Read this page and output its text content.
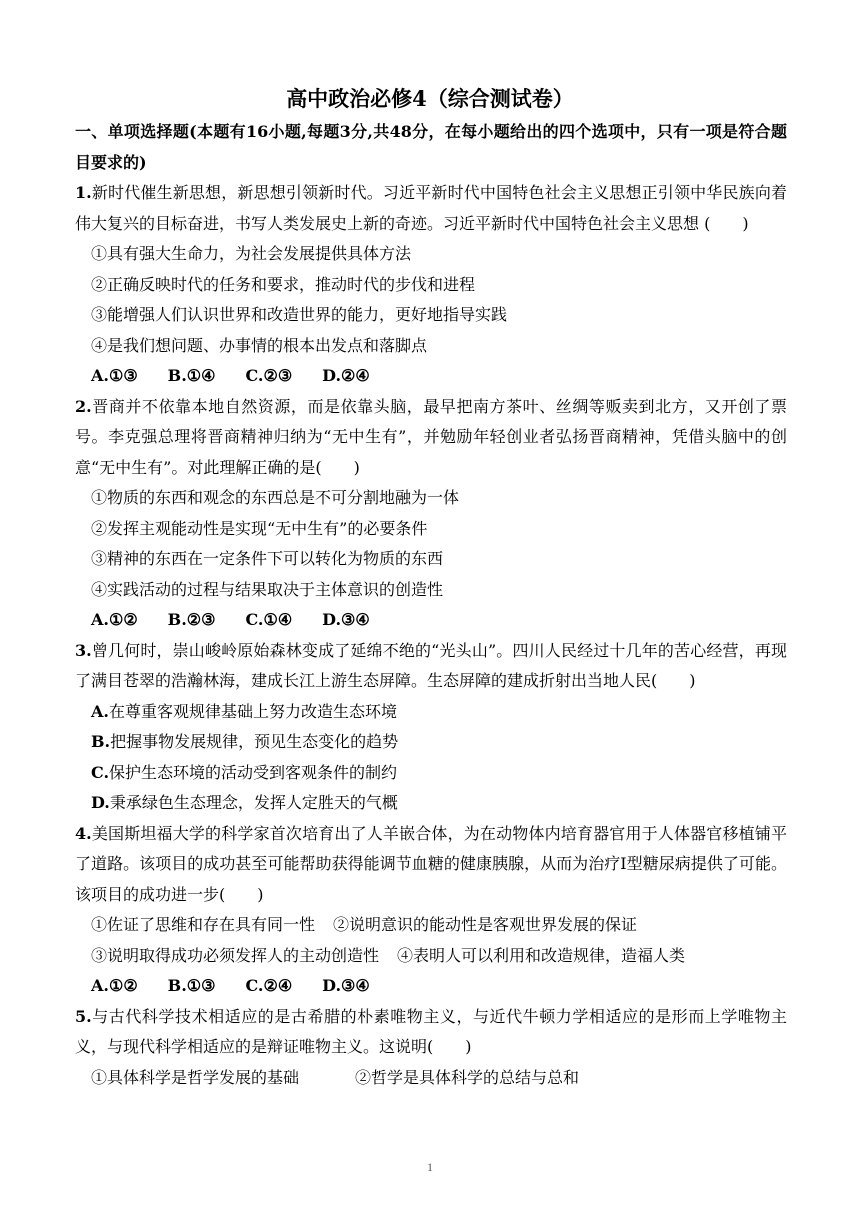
高中政治必修4（综合测试卷）

一、单项选择题(本题有16小题,每题3分,共48分，在每小题给出的四个选项中，只有一项是符合题目要求的)

1.新时代催生新思想，新思想引领新时代。习近平新时代中国特色社会主义思想正引领中华民族向着伟大复兴的目标奋进，书写人类发展史上新的奇迹。习近平新时代中国特色社会主义思想 (　　)

①具有强大生命力，为社会发展提供具体方法

②正确反映时代的任务和要求，推动时代的步伐和进程

③能增强人们认识世界和改造世界的能力，更好地指导实践

④是我们想问题、办事情的根本出发点和落脚点

A.①③ B.①④ C.②③ D.②④

2.晋商并不依靠本地自然资源，而是依靠头脑，最早把南方茶叶、丝绸等贩卖到北方，又开创了票号。李克强总理将晋商精神归纳为“无中生有”，并勉励年轻创业者弘扬晋商精神，凭借头脑中的创意“无中生有”。对此理解正确的是(　　)

①物质的东西和观念的东西总是不可分割地融为一体

②发挥主观能动性是实现“无中生有”的必要条件

③精神的东西在一定条件下可以转化为物质的东西

④实践活动的过程与结果取决于主体意识的创造性

A.①② B.②③ C.①④ D.③④

3.曾几何时，崇山峻岭原始森林变成了延绵不绝的“光头山”。四川人民经过十几年的苦心经营，再现了满目苍翠的浩瀚林海，建成长江上游生态屏障。生态屏障的建成折射出当地人民(　　)

A.在尊重客观规律基础上努力改造生态环境

B.把握事物发展规律，预见生态变化的趋势

C.保护生态环境的活动受到客观条件的制约

D.秉承绿色生态理念，发挥人定胜天的气概

4.美国斯坦福大学的科学家首次培育出了人羊嵌合体，为在动物体内培育器官用于人体器官移植铺平了道路。该项目的成功甚至可能帮助获得能调节血糖的健康胰腺，从而为治疗I型糖尿病提供了可能。该项目的成功进一步(　　)

①佐证了思维和存在具有同一性 ②说明意识的能动性是客观世界发展的保证

③说明取得成功必须发挥人的主动创造性 ④表明人可以利用和改造规律，造福人类

A.①② B.①③ C.②④ D.③④

5.与古代科学技术相适应的是古希腊的朴素唯物主义，与近代牛顿力学相适应的是形而上学唯物主义，与现代科学相适应的是辩证唯物主义。这说明(　　)

①具体科学是哲学发展的基础	②哲学是具体科学的总结与总和

1
